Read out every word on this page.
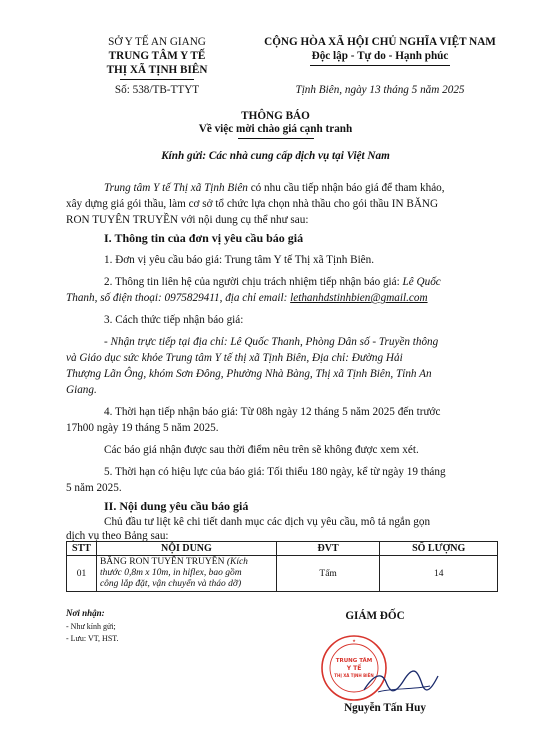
SỞ Y TẾ AN GIANG
TRUNG TÂM Y TẾ
THỊ XÃ TỊNH BIÊN
Số: 538/TB-TTYT
CỘNG HÒA XÃ HỘI CHỦ NGHĨA VIỆT NAM
Độc lập - Tự do - Hạnh phúc
Tịnh Biên, ngày 13 tháng 5 năm 2025
THÔNG BÁO
Về việc mời chào giá cạnh tranh
Kính gửi: Các nhà cung cấp dịch vụ tại Việt Nam
Trung tâm Y tế Thị xã Tịnh Biên có nhu cầu tiếp nhận báo giá để tham khảo,
xây dựng giá gói thầu, làm cơ sở tổ chức lựa chọn nhà thầu cho gói thầu IN BĂNG
RON TUYÊN TRUYỀN với nội dung cụ thể như sau:
I. Thông tin của đơn vị yêu cầu báo giá
1. Đơn vị yêu cầu báo giá: Trung tâm Y tế Thị xã Tịnh Biên.
2. Thông tin liên hệ của người chịu trách nhiệm tiếp nhận báo giá: Lê Quốc
Thanh, số điện thoại: 0975829411, địa chỉ email: lethanhdstinhbien@gmail.com
3. Cách thức tiếp nhận báo giá:
- Nhận trực tiếp tại địa chỉ: Lê Quốc Thanh, Phòng Dân số - Truyền thông
và Giáo dục sức khỏe Trung tâm Y tế thị xã Tịnh Biên, Địa chỉ: Đường Hải
Thượng Lãn Ông, khóm Sơn Đông, Phường Nhà Bàng, Thị xã Tịnh Biên, Tỉnh An
Giang.
4. Thời hạn tiếp nhận báo giá: Từ 08h ngày 12 tháng 5 năm 2025 đến trước
17h00 ngày 19 tháng 5 năm 2025.
Các báo giá nhận được sau thời điểm nêu trên sẽ không được xem xét.
5. Thời hạn có hiệu lực của báo giá: Tối thiểu 180 ngày, kể từ ngày 19 tháng
5 năm 2025.
II. Nội dung yêu cầu báo giá
Chủ đầu tư liệt kê chi tiết danh mục các dịch vụ yêu cầu, mô tả ngắn gọn
dịch vụ theo Bảng sau:
STT	NỘI DUNG	ĐVT	SỐ LƯỢNG
01	BĂNG RON TUYÊN TRUYỀN (Kích
thước 0,8m x 10m, in hiflex, bao gồm
công lắp đặt, vận chuyển và tháo dỡ)	Tấm	14
Nơi nhận:
- Như kính gửi;
- Lưu: VT, HST.
GIÁM ĐỐC
TRUNG TÂM
Y TẾ
THỊ XÃ TỊNH BIÊN
★
Nguyễn Tấn Huy
